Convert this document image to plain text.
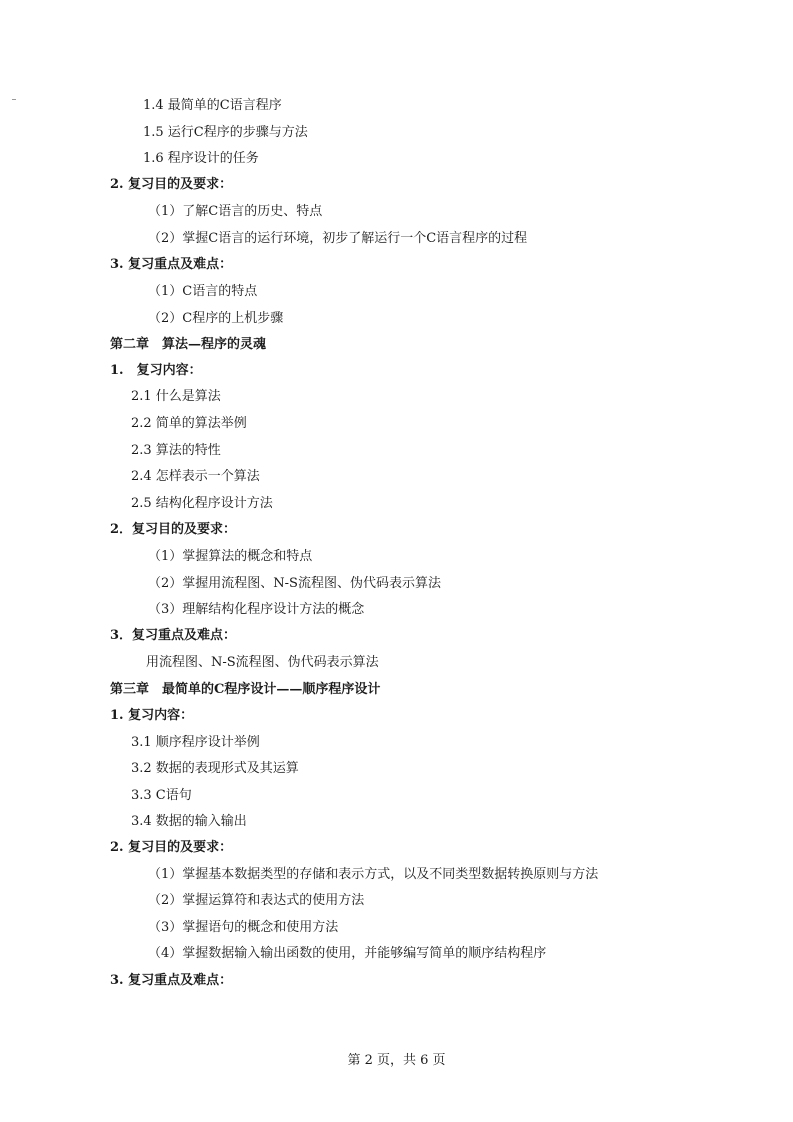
1.4 最简单的C语言程序
1.5 运行C程序的步骤与方法
1.6 程序设计的任务
2. 复习目的及要求：
（1）了解C语言的历史、特点
（2）掌握C语言的运行环境，初步了解运行一个C语言程序的过程
3. 复习重点及难点：
（1）C语言的特点
（2）C程序的上机步骤
第二章　算法—程序的灵魂
1.　复习内容：
2.1 什么是算法
2.2 简单的算法举例
2.3 算法的特性
2.4 怎样表示一个算法
2.5 结构化程序设计方法
2．复习目的及要求：
（1）掌握算法的概念和特点
（2）掌握用流程图、N-S流程图、伪代码表示算法
（3）理解结构化程序设计方法的概念
3．复习重点及难点：
用流程图、N-S流程图、伪代码表示算法
第三章　最简单的C程序设计——顺序程序设计
1. 复习内容：
3.1 顺序程序设计举例
3.2 数据的表现形式及其运算
3.3 C语句
3.4 数据的输入输出
2. 复习目的及要求：
（1）掌握基本数据类型的存储和表示方式，以及不同类型数据转换原则与方法
（2）掌握运算符和表达式的使用方法
（3）掌握语句的概念和使用方法
（4）掌握数据输入输出函数的使用，并能够编写简单的顺序结构程序
3. 复习重点及难点：
第 2 页，共 6 页
